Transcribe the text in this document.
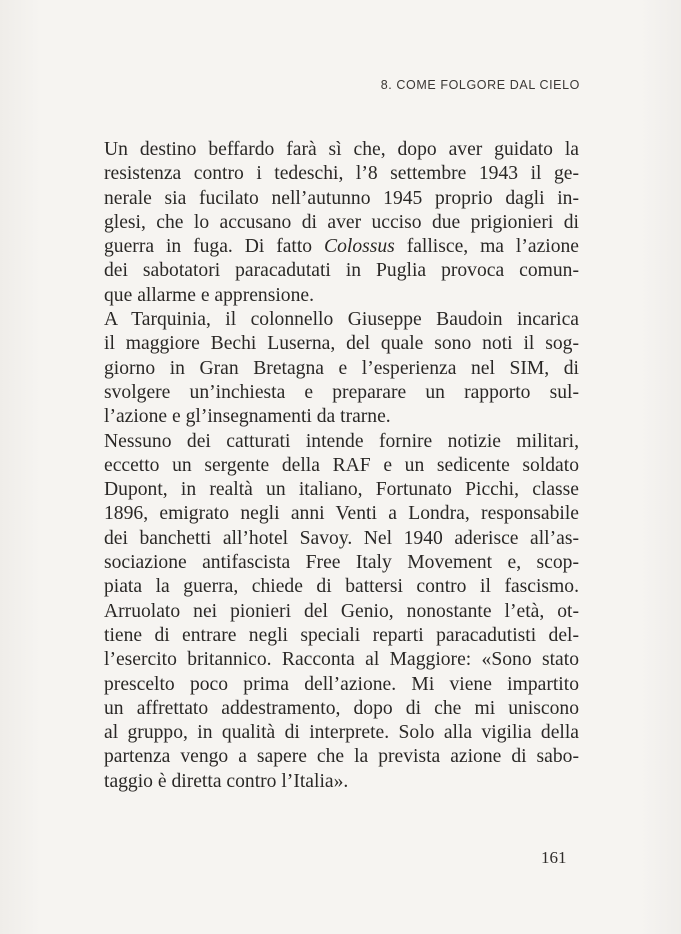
8. COME FOLGORE DAL CIELO
Un destino beffardo farà sì che, dopo aver guidato la
resistenza contro i tedeschi, l’8 settembre 1943 il ge-
nerale sia fucilato nell’autunno 1945 proprio dagli in-
glesi, che lo accusano di aver ucciso due prigionieri di
guerra in fuga. Di fatto Colossus fallisce, ma l’azione
dei sabotatori paracadutati in Puglia provoca comun-
que allarme e apprensione.
A Tarquinia, il colonnello Giuseppe Baudoin incarica
il maggiore Bechi Luserna, del quale sono noti il sog-
giorno in Gran Bretagna e l’esperienza nel SIM, di
svolgere un’inchiesta e preparare un rapporto sul-
l’azione e gl’insegnamenti da trarne.
Nessuno dei catturati intende fornire notizie militari,
eccetto un sergente della RAF e un sedicente soldato
Dupont, in realtà un italiano, Fortunato Picchi, classe
1896, emigrato negli anni Venti a Londra, responsabile
dei banchetti all’hotel Savoy. Nel 1940 aderisce all’as-
sociazione antifascista Free Italy Movement e, scop-
piata la guerra, chiede di battersi contro il fascismo.
Arruolato nei pionieri del Genio, nonostante l’età, ot-
tiene di entrare negli speciali reparti paracadutisti del-
l’esercito britannico. Racconta al Maggiore: «Sono stato
prescelto poco prima dell’azione. Mi viene impartito
un affrettato addestramento, dopo di che mi uniscono
al gruppo, in qualità di interprete. Solo alla vigilia della
partenza vengo a sapere che la prevista azione di sabo-
taggio è diretta contro l’Italia».
161
